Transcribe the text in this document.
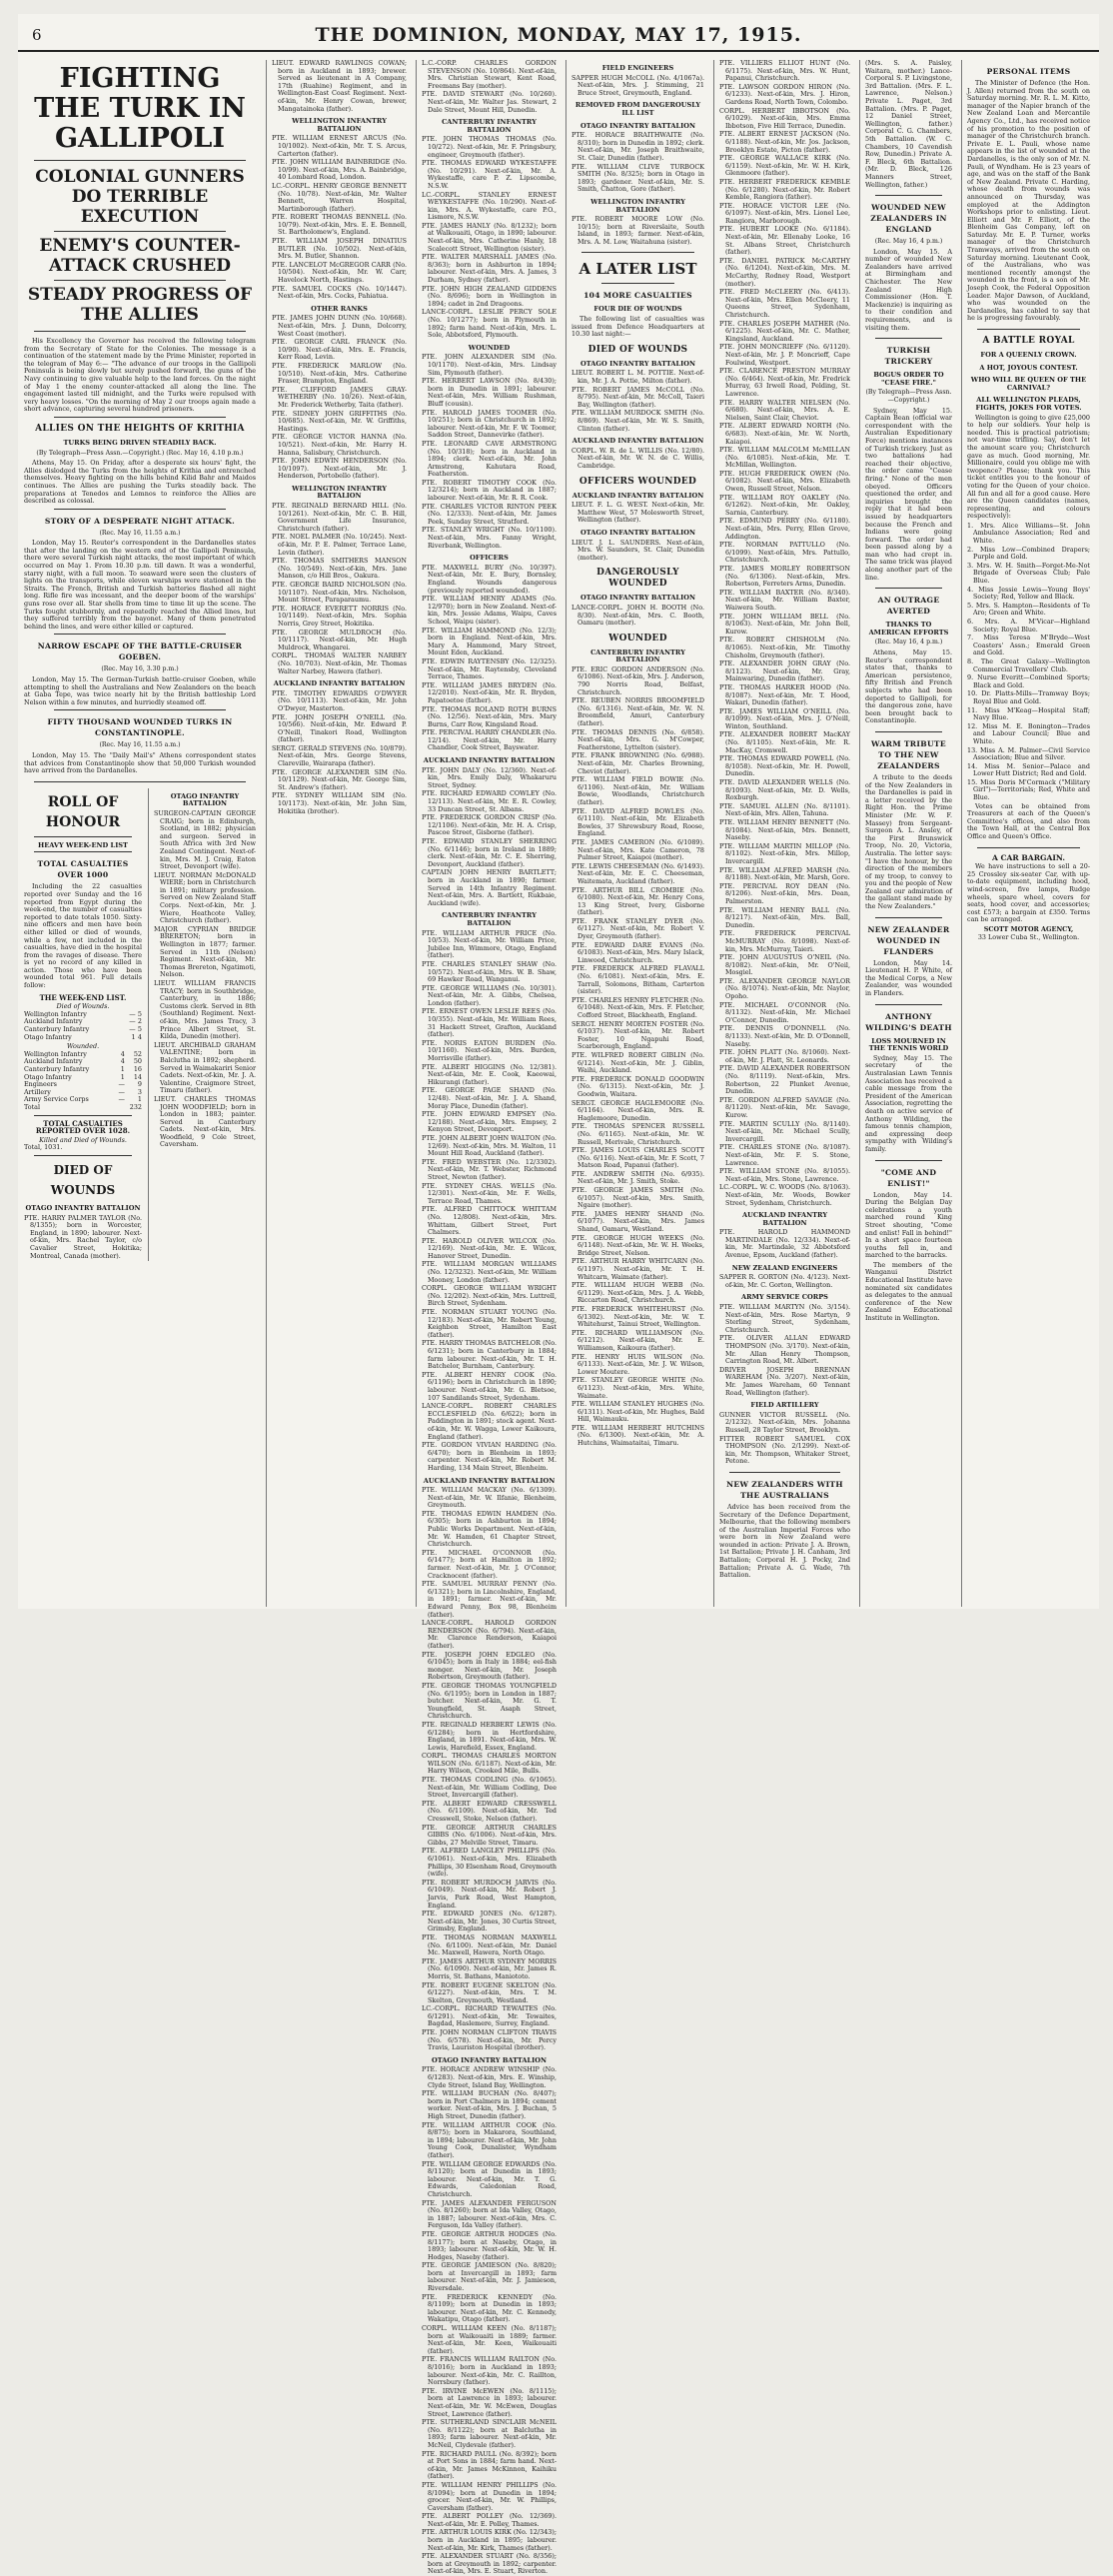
6	THE DOMINION, MONDAY, MAY 17, 1915.
FIGHTING THE TURK IN GALLIPOLI
COLONIAL GUNNERS DO TERRIBLE EXECUTION
ENEMY'S COUNTER-ATTACK CRUSHED
STEADY PROGRESS OF THE ALLIES

His Excellency the Governor has received the following telegram from the Secretary of State for the Colonies. The message is a continuation of the statement made by the Prime Minister, reported in the telegram of May 6:— "The advance of our troops in the Gallipoli Peninsula is being slowly but surely pushed forward, the guns of the Navy continuing to give valuable help to the land forces. On the night of May 1 the enemy counter-attacked all along the line. The engagement lasted till midnight, and the Turks were repulsed with very heavy losses. "On the morning of May 2 our troops again made a short advance, capturing several hundred prisoners.

ALLIES ON THE HEIGHTS OF KRITHIA
TURKS BEING DRIVEN STEADILY BACK.
(By Telegraph—Press Assn.—Copyright.) (Rec. May 16, 4.10 p.m.)

Athens, May 15. On Friday, after a desperate six hours' fight, the Allies dislodged the Turks from the heights of Krithia and entrenched themselves. Heavy fighting on the hills behind Kilid Bahr and Maidos continues. The Allies are pushing the Turks steadily back. The preparations at Tenedos and Lemnos to reinforce the Allies are described as colossal.

STORY OF A DESPERATE NIGHT ATTACK.
(Rec. May 16, 11.55 a.m.)

London, May 15. Reuter's correspondent in the Dardanelles states that after the landing on the western end of the Gallipoli Peninsula, there were several Turkish night attacks, the most important of which occurred on May 1. From 10.30 p.m. till dawn. It was a wonderful, starry night, with a full moon. To seaward were seen the clusters of lights on the transports, while eleven warships were stationed in the Straits. The French, British and Turkish batteries flashed all night long. Rifle fire was incessant, and the deeper boom of the warships' guns rose over all. Star shells from time to time lit up the scene. The Turks fought stubbornly, and repeatedly reached the Allied lines, but they suffered terribly from the bayonet. Many of them penetrated behind the lines, and were either killed or captured.

NARROW ESCAPE OF THE BATTLE-CRUISER GOEBEN.
(Rec. May 16, 3.30 p.m.)

London, May 15. The German-Turkish battle-cruiser Goeben, while attempting to shell the Australians and New Zealanders on the beach at Gaba Tepe, was twice nearly hit by the British battleship Lord Nelson within a few minutes, and hurriedly steamed off.

FIFTY THOUSAND WOUNDED TURKS IN CONSTANTINOPLE.
(Rec. May 16, 11.55 a.m.)

London, May 15. The "Daily Mail's" Athens correspondent states that advices from Constantinople show that 50,000 Turkish wounded have arrived from the Dardanelles.

ROLL OF HONOUR
HEAVY WEEK-END LIST
TOTAL CASUALTIES OVER 1000

Including the 22 casualties reported over Sunday and the 16 reported from Egypt during the week-end, the number of casualties reported to date totals 1050. Sixty-nine officers and men have been either killed or died of wounds, while a few, not included in the casualties, have died in the hospital from the ravages of disease. There is yet no record of any killed in action. Those who have been wounded total 961. Full details follow:

THE WEEK-END LIST.
Died of Wounds.
Wellington Infantry	—	5
Auckland Infantry	—	2
Canterbury Infantry	—	5
Otago Infantry	1	4
Wounded.
Wellington Infantry	4	52
Auckland Infantry	4	50
Canterbury Infantry	1	16
Otago Infantry	1	14
Engineers	—	9
Artillery	—	3
Army Service Corps	—	1
Total		232
TOTAL CASUALTIES REPORTED OVER 1028.
Killed and Died of Wounds.
Total, 1031.
DIED OF WOUNDS
OTAGO INFANTRY BATTALION

PTE. HARRY PALMER TAYLOR (No. 8/1355); born in Worcester, England, in 1890; labourer. Next-of-kin, Mrs. Rachel Taylor, c/o Cavalier Street, Hokitika; Montreal, Canada (mother).

OTAGO INFANTRY BATTALION
SURGEON-CAPTAIN GEORGE CRAIG; born in Edinburgh, Scotland, in 1882; physician and surgeon. Served in South Africa with 3rd New Zealand Contingent. Next-of-kin, Mrs. M. J. Craig, Eaton Street, Devonport (wife).
LIEUT. NORMAN McDONALD WIERE; born in Christchurch in 1891; military profession. Served on New Zealand Staff Corps. Next-of-kin, Mr. J. Wiere, Heathcote Valley, Christchurch (father).
MAJOR CYPRIAN BRIDGE BRERETON; born in Wellington in 1877; farmer. Served in 11th (Nelson) Regiment. Next-of-kin, Mr. Thomas Brereton, Ngatimoti, Nelson.
LIEUT. WILLIAM FRANCIS TRACY; born in Southbridge, Canterbury, in 1886; Customs clerk. Served in 8th (Southland) Regiment. Next-of-kin, Mrs. James Tracy, 3 Prince Albert Street, St. Kilda, Dunedin (mother).
LIEUT. ARCHIBALD GRAHAM VALENTINE; born in Balclutha in 1892; shepherd. Served in Waimakariri Senior Cadets. Next-of-kin, Mr. J. A. Valentine, Craigmore Street, Timaru (father).
LIEUT. CHARLES THOMAS JOHN WOODFIELD; born in London in 1883; painter. Served in Canterbury Cadets. Next-of-kin, Mrs. Woodfield, 9 Cole Street, Caversham.
LIEUT. EDWARD RAWLINGS COWAN; born in Auckland in 1893; brewer. Served as lieutenant in A Company, 17th (Ruahine) Regiment, and in Wellington-East Coast Regiment. Next-of-kin, Mr. Henry Cowan, brewer, Mangatainoka (father).
WELLINGTON INFANTRY BATTALION
PTE. WILLIAM ERNEST ARCUS (No. 10/1002). Next-of-kin, Mr. T. S. Arcus, Carterton (father).
PTE. JOHN WILLIAM BAINBRIDGE (No. 10/99). Next-of-kin, Mrs. A. Bainbridge, 40 Lombard Road, London.
LC.-CORPL. HENRY GEORGE BENNETT (No. 10/78). Next-of-kin, Mr. Walter Bennett, Warren Hospital, Martinborough (father).
PTE. ROBERT THOMAS BENNELL (No. 10/79). Next-of-kin, Mrs. E. E. Bennell, St. Bartholomew's, England.
PTE. WILLIAM JOSEPH DINATIUS BUTLER (No. 10/502). Next-of-kin, Mrs. M. Butler, Shannon.
PTE. LANCELOT McGREGOR CARR (No. 10/504). Next-of-kin, Mr. W. Carr, Havelock North, Hastings.
PTE. SAMUEL COCKS (No. 10/1447). Next-of-kin, Mrs. Cocks, Pahiatua.
OTHER RANKS
PTE. JAMES JOHN DUNN (No. 10/668). Next-of-kin, Mrs. J. Dunn, Dolcorry, West Coast (mother).
PTE. GEORGE CARL FRANCK (No. 10/90). Next-of-kin, Mrs. E. Francis, Kerr Road, Levin.
PTE. FREDERICK MARLOW (No. 10/510). Next-of-kin, Mrs. Catherine Fraser, Brampton, England.
PTE. CLIFFORD JAMES GRAY-WETHERBY (No. 10/26). Next-of-kin, Mr. Frederick Wetherby, Taita (father).
PTE. SIDNEY JOHN GRIFFITHS (No. 10/685). Next-of-kin, Mr. W. Griffiths, Hastings.
PTE. GEORGE VICTOR HANNA (No. 10/521). Next-of-kin, Mr. Harry H. Hanna, Salisbury, Christchurch.
PTE. JOHN EDWIN HENDERSON (No. 10/1097). Next-of-kin, Mr. J. Henderson, Portobello (father).
WELLINGTON INFANTRY BATTALION
PTE. REGINALD BERNARD HILL (No. 10/1261). Next-of-kin, Mr. C. B. Hill, Government Life Insurance, Christchurch (father).
PTE. NOEL PALMER (No. 10/245). Next-of-kin, Mr. P. E. Palmer, Terrace Lane, Levin (father).
PTE. THOMAS SMITHERS MANSON (No. 10/549). Next-of-kin, Mrs. Jane Manson, c/o Hill Bros., Oakura.
PTE. GEORGE BAIRD NICHOLSON (No. 10/1107). Next-of-kin, Mrs. Nicholson, Mount Street, Paraparaumu.
PTE. HORACE EVERETT NORRIS (No. 10/1149). Next-of-kin, Mrs. Sophia Norris, Grey Street, Hokitika.
PTE. GEORGE MULDROCH (No. 10/1117). Next-of-kin, Mr. Hugh Muldrock, Whangarei.
CORPL. THOMAS WALTER NARBEY (No. 10/703). Next-of-kin, Mr. Thomas Walter Narbey, Hawera (father).
AUCKLAND INFANTRY BATTALION
PTE. TIMOTHY EDWARDS O'DWYER (No. 10/1113). Next-of-kin, Mr. John O'Dwyer, Masterton.
PTE. JOHN JOSEPH O'NEILL (No. 10/566). Next-of-kin, Mr. Edward P. O'Neill, Tinakori Road, Wellington (father).
SERGT. GERALD STEVENS (No. 10/879). Next-of-kin, Mrs. George Stevens, Clareville, Wairarapa (father).
PTE. GEORGE ALEXANDER SIM (No. 10/1129). Next-of-kin, Mr. George Sim, St. Andrew's (father).
PTE. SYDNEY WILLIAM SIM (No. 10/1173). Next-of-kin, Mr. John Sim, Hokitika (brother).
L.C.-CORP. CHARLES GORDON STEVENSON (No. 10/864). Next-of-kin, Mrs. Christian Stewart, Kent Road, Freemans Bay (mother).
PTE. DAVID STEWART (No. 10/260). Next-of-kin, Mr. Walter Jas. Stewart, 2 Dale Street, Mount Hill, Dunedin.
CANTERBURY INFANTRY BATTALION
PTE. JOHN THOMAS THOMAS (No. 10/272). Next-of-kin, Mr. F. Pringsbury, engineer, Greymouth (father).
PTE. THOMAS EDWARD WYKESTAFFE (No. 10/291). Next-of-kin, Mr. A. Wykestaffe, care P. Z. Lipscombe, N.S.W.
LC.-CORPL. STANLEY ERNEST WEYKESTAFFE (No. 10/290). Next-of-kin, Mrs. A. Wykestaffe, care P.O., Lismore, N.S.W.
PTE. JAMES HANLY (No. 8/1232); born at Walkouaiti, Otago, in 1890; labourer. Next-of-kin, Mrs. Catherine Hanly, 18 Scalecott Street, Wellington (sister).
PTE. WALTER MARSHALL JAMES (No. 8/363); born in Ashburton in 1894; labourer. Next-of-kin, Mrs. A. James, 3 Durham, Sydney (father).
PTE. JOHN HIGH ZEALAND GIDDENS (No. 8/696); born in Wellington in 1894; cadet in 2nd Dragoons.
LANCE-CORPL. LESLIE PERCY SOLE (No. 10/1277); born in Plymouth in 1892; farm hand. Next-of-kin, Mrs. L. Sole, Abbotsford, Plymouth.
WOUNDED
PTE. JOHN ALEXANDER SIM (No. 10/1170). Next-of-kin, Mrs. Lindsay Sim, Plymouth (father).
PTE. HERBERT LAWSON (No. 8/430); born in Dunedin in 1891; labourer. Next-of-kin, Mrs. William Rushman, Bluff (cousin).
PTE. HAROLD JAMES TOOMER (No. 10/251); born in Christchurch in 1892; labourer. Next-of-kin, Mr. F. W. Toomer, Saddon Street, Dannevirke (father).
PTE. LEONARD CAVE ARMSTRONG (No. 10/318); born in Auckland in 1894; clerk. Next-of-kin, Mr. John Armstrong, Kahutara Road, Featherston.
PTE. ROBERT TIMOTHY COOK (No. 12/3214); born in Auckland in 1887; labourer. Next-of-kin, Mr. R. R. Cook.
PTE. CHARLES VICTOR RINTON PEEK (No. 12/333). Next-of-kin, Mr. James Peek, Sunday Street, Stratford.
PTE. STANLEY WRIGHT (No. 10/1100). Next-of-kin, Mrs. Fanny Wright, Riverbank, Wellington.
OFFICERS
PTE. MAXWELL BURY (No. 10/397). Next-of-kin, Mr. E. Bury, Bornsley, England. Wounds dangerous (previously reported wounded).
PTE. WILLIAM HENRY ADAMS (No. 12/970); born in New Zealand. Next-of-kin, Mrs. Jessie Adams, Waipu, Caves School, Waipu (sister).
PTE. WILLIAM HAMMOND (No. 12/3); born in England. Next-of-kin, Mrs. Mary A. Hammond, Mary Street, Mount Eden, Auckland.
PTE. EDWIN RAYTENSBY (No. 12/325). Next-of-kin, Mr. Raytensby, Cleveland Terrace, Thames.
PTE. WILLIAM JAMES BRYDEN (No. 12/2010). Next-of-kin, Mr. R. Bryden, Papatoetoe (father).
PTE. THOMAS ROLAND ROTH BURNS (No. 12/56). Next-of-kin, Mrs. Mary Burns, Carr Row, Kingsland Road.
PTE. PERCIVAL HARRY CHANDLER (No. 12/14). Next-of-kin, Mr. Harry Chandler, Cook Street, Bayswater.
AUCKLAND INFANTRY BATTALION
PTE. JOHN DALY (No. 12/360). Next-of-kin, Mrs. Emily Daly, Whakaruru Street, Sydney.
PTE. RICHARD EDWARD COWLEY (No. 12/113). Next-of-kin, Mr. E. R. Cowley, 33 Duncan Street, St. Albans.
PTE. FREDERICK GORDON CRISP (No. 12/1106). Next-of-kin, Mr. H. A. Crisp, Pascoe Street, Gisborne (father).
PTE. EDWARD STANLEY SHERRING (No. 6/1146); born in Ireland in 1889; clerk. Next-of-kin, Mr. C. E. Sherring, Devonport, Auckland (father).
CAPTAIN JOHN HENRY BARTLETT; born in Auckland in 1890; farmer. Served in 14th Infantry Regiment. Next-of-kin, Mrs. A. Bartlett, Rukbaie, Auckland (wife).
CANTERBURY INFANTRY BATTALION
PTE. WILLIAM ARTHUR PRICE (No. 10/53). Next-of-kin, Mr. William Price, Jubilee Inn, Wimmore, Otago, England (father).
PTE. CHARLES STANLEY SHAW (No. 10/572). Next-of-kin, Mrs. W. B. Shaw, 69 Hawker Road, Wanganui.
PTE. GEORGE WILLIAMS (No. 10/301). Next-of-kin, Mr. A. Gibbs, Chelsea, London (father).
PTE. ERNEST OWEN LESLIE REES (No. 10/355). Next-of-kin, Mr. William Rees, 31 Hackett Street, Grafton, Auckland (father).
PTE. NORIS EATON BURDEN (No. 10/1160). Next-of-kin, Mrs. Burden, Morrisville (father).
PTE. ALBERT HIGGINS (No. 12/381). Next-of-kin, Mr. E. Cook, Kaeowai, Hikurangi (father).
PTE. GEORGE PAGE SHAND (No. 12/48). Next-of-kin, Mr. J. A. Shand, Moray Place, Dunedin (father).
PTE. JOHN EDWARD EMPSEY (No. 12/188). Next-of-kin, Mrs. Empsey, 2 Kenyon Street, Devonport.
PTE. JOHN ALBERT JOHN WALTON (No. 12/69). Next-of-kin, Mrs. M. Walton, 11 Mount Hill Road, Auckland (father).
PTE. FRED WEBSTER (No. 12/3302). Next-of-kin, Mr. T. Webster, Richmond Street, Newton (father).
PTE. SYDNEY CHAS. WELLS (No. 12/301). Next-of-kin, Mr. F. Wells, Terrace Road, Thames.
PTE. ALFRED CHITTOCK WHITTAM (No. 12/808). Next-of-kin, Mrs. Whittam, Gilbert Street, Port Chalmers.
PTE. HAROLD OLIVER WILCOX (No. 12/169). Next-of-kin, Mr. E. Wilcox, Hanover Street, Dunedin.
PTE. WILLIAM MORGAN WILLIAMS (No. 12/3232). Next-of-kin, Mr. William Mooney, London (father).
CORPL. GEORGE WILLIAM WRIGHT (No. 12/202). Next-of-kin, Mrs. Luttrell, Birch Street, Sydenham.
PTE. NORMAN STUART YOUNG (No. 12/183). Next-of-kin, Mr. Robert Young, Keighbon Street, Hamilton East (father).
PTE. HARRY THOMAS BATCHELOR (No. 6/1231); born in Canterbury in 1884; farm labourer. Next-of-kin, Mr. T. H. Batchelor, Burnham, Canterbury.
PTE. ALBERT HENRY COOK (No. 6/1196); born in Christchurch in 1890; labourer. Next-of-kin, Mr. G. Bletsoe, 107 Sandilands Street, Sydenham.
LANCE-CORPL. ROBERT CHARLES ECCLESFIELD (No. 6/622); born in Paddington in 1891; stock agent. Next-of-kin, Mr. W. Wagga, Lower Kaikoura, England (father).
PTE. GORDON VIVIAN HARDING (No. 6/470); born in Blenheim in 1893; carpenter. Next-of-kin, Mr. Robert M. Harding, 134 Main Street, Blenheim.
AUCKLAND INFANTRY BATTALION
PTE. WILLIAM MACKAY (No. 6/1309). Next-of-kin, Mr. W. Ilfanie, Blenheim, Greymouth.
PTE. THOMAS EDWIN HAMDEN (No. 6/305); born in Ashburton in 1894; Public Works Department. Next-of-kin, Mr. W. Hamden, 61 Chapter Street, Christchurch.
PTE. MICHAEL O'CONNOR (No. 6/1477); born at Hamilton in 1892; farmer. Next-of-kin, Mr. J. O'Connor, Cracknocent (father).
PTE. SAMUEL MURRAY PENNY (No. 6/1321); born in Lincolnshire, England, in 1891; farmer. Next-of-kin, Mr. Edward Penny, Box 98, Blenheim (father).
LANCE-CORPL. HAROLD GORDON RENDERSON (No. 6/794). Next-of-kin, Mr. Clarence Renderson, Kaiapoi (father).
PTE. JOSEPH JOHN EDGLEO (No. 6/1045); born in Italy in 1884; eel-fish monger. Next-of-kin, Mr. Joseph Robertson, Greymouth (father).
PTE. GEORGE THOMAS YOUNGFIELD (No. 6/1195); born in London in 1887; butcher. Next-of-kin, Mr. G. T. Youngfield, St. Asaph Street, Christchurch.
PTE. REGINALD HERBERT LEWIS (No. 6/1284); born in Hertfordshire, England, in 1891. Next-of-kin, Mrs. W. Lewis, Harefield, Essex, England.
CORPL. THOMAS CHARLES MORTON WILSON (No. 6/1187). Next-of-kin, Mr. Harry Wilson, Crooked Mile, Bulls.
PTE. THOMAS CODLING (No. 6/1065). Next-of-kin, Mr. William Codling, Dee Street, Invercargill (father).
PTE. ALBERT EDWARD CRESSWELL (No. 6/1109). Next-of-kin, Mr. Ted Cresswell, Stoke, Nelson (father).
PTE. GEORGE ARTHUR CHARLES GIBBS (No. 6/1006). Next-of-kin, Mrs. Gibbs, 27 Melville Street, Timaru.
PTE. ALFRED LANGLEY PHILLIPS (No. 6/1061). Next-of-kin, Mrs. Elizabeth Phillips, 30 Elsenham Road, Greymouth (wife).
PTE. ROBERT MURDOCH JARVIS (No. 6/1049). Next-of-kin, Mr. Robert J. Jarvis, Park Road, West Hampton, England.
PTE. EDWARD JONES (No. 6/1287). Next-of-kin, Mr. Jones, 30 Curtis Street, Grimsby, England.
PTE. THOMAS NORMAN MAXWELL (No. 6/1100). Next-of-kin, Mr. Daniel Mc. Maxwell, Hawera, North Otago.
PTE. JAMES ARTHUR SYDNEY MORRIS (No. 6/1090). Next-of-kin, Mr. James R. Morris, St. Bathans, Maniototo.
PTE. ROBERT EUGENE SKELTON (No. 6/1227). Next-of-kin, Mrs. T. M. Skelton, Greymouth, Westland.
LC.-CORPL. RICHARD TEWAITES (No. 6/1291). Next-of-kin, Mr. Tewaites, Bagdad, Haslemere, Surrey, England.
PTE. JOHN NORMAN CLIFTON TRAVIS (No. 6/578). Next-of-kin, Mr. Percy Travis, Lauriston Hospital (brother).
OTAGO INFANTRY BATTALION
PTE. HORACE ANDREW WINSHIP (No. 6/1283). Next-of-kin, Mrs. E. Winship, Clyde Street, Island Bay, Wellington.
PTE. WILLIAM BUCHAN (No. 8/407); born in Port Chalmers in 1894; cement worker. Next-of-kin, Mrs. J. Buchan, 5 High Street, Dunedin (father).
PTE. WILLIAM ARTHUR COOK (No. 8/875); born in Makarora, Southland, in 1894; labourer. Next-of-kin, Mr. John Young Cook, Dunalister, Wyndham (father).
PTE. WILLIAM GEORGE EDWARDS (No. 8/1120); born at Dunedin in 1893; labourer. Next-of-kin, Mr. T. G. Edwards, Caledonian Road, Christchurch.
PTE. JAMES ALEXANDER FERGUSON (No. 8/1260); born at Ida Valley, Otago, in 1887; labourer. Next-of-kin, Mrs. C. Ferguson, Ida Valley (father).
PTE. GEORGE ARTHUR HODGES (No. 8/1177); born at Naseby, Otago, in 1893; labourer. Next-of-kin, Mr. W. H. Hodges, Naseby (father).
PTE. GEORGE JAMIESON (No. 8/820); born at Invercargill in 1893; farm labourer. Next-of-kin, Mr. J. Jamieson, Riversdale.
PTE. FREDERICK KENNEDY (No. 8/1109); born at Dunedin in 1893; labourer. Next-of-kin, Mr. C. Kennedy, Wakatipu, Otago (father).
CORPL. WILLIAM KEEN (No. 8/1187); born at Waikouaiti in 1889; farmer. Next-of-kin, Mr. Keen, Waikouaiti (father).
PTE. FRANCIS WILLIAM RAILTON (No. 8/1016); born in Auckland in 1893; labourer. Next-of-kin, Mr. C. Raillton, Norrsbury (father).
PTE. IRVINE McEWEN (No. 8/1115); born at Lawrence in 1893; labourer. Next-of-kin, Mr. W. McEwen, Douglas Street, Lawrence (father).
PTE. SUTHERLAND SINCLAIR McNEIL (No. 8/1122); born at Balclutha in 1893; farm labourer. Next-of-kin, Mr. McNeil, Clydevale (father).
PTE. RICHARD PAULL (No. 8/392); born at Port Sons in 1884; farm hand. Next-of-kin, Mr. James McKinnon, Kaihiku (father).
PTE. WILLIAM HENRY PHILLIPS (No. 8/1094); born at Dunedin in 1894; grocer. Next-of-kin, Mr. W. Phillips, Caversham (father).
PTE. ALBERT POLLEY (No. 12/369). Next-of-kin, Mr. E. Polley, Thames.
PTE. ARTHUR LOUIS KIRK (No. 12/343); born in Auckland in 1895; labourer. Next-of-kin, Mr. Kirk, Thames (father).
PTE. ALEXANDER STUART (No. 8/356); born at Greymouth in 1892; carpenter. Next-of-kin, Mrs. E. Stuart, Riverton.
FIELD ENGINEERS

SAPPER HUGH McCOLL (No. 4/1067a). Next-of-kin, Mrs. J. Stimming, 21 Bruce Street, Greymouth, England.

REMOVED FROM DANGEROUSLY ILL LIST
OTAGO INFANTRY BATTALION
PTE. HORACE BRAITHWAITE (No. 8/310); born in Dunedin in 1892; clerk. Next-of-kin, Mr. Joseph Braithwaite, St. Clair, Dunedin (father).
PTE. WILLIAM CLIVE TURBOCK SMITH (No. 8/325); born in Otago in 1893; gardener. Next-of-kin, Mr. S. Smith, Chatton, Gore (father).
WELLINGTON INFANTRY BATTALION
PTE. ROBERT MOORE LOW (No. 10/15); born at Riverslaite, South Island, in 1893; farmer. Next-of-kin, Mrs. A. M. Low, Waitahuna (sister).
A LATER LIST
104 MORE CASUALTIES
FOUR DIE OF WOUNDS

The following list of casualties was issued from Defence Headquarters at 10.30 last night:—

DIED OF WOUNDS
OTAGO INFANTRY BATTALION
LIEUT. ROBERT L. M. POTTIE. Next-of-kin, Mr. J. A. Pottie, Milton (father).
PTE. ROBERT JAMES McCOLL (No. 8/795). Next-of-kin, Mr. McColl, Taieri Bay, Wellington (father).
PTE. WILLIAM MURDOCK SMITH (No. 8/869). Next-of-kin, Mr. W. S. Smith, Clinton (father).
AUCKLAND INFANTRY BATTALION
CORPL. W. R. de L. WILLIS (No. 12/80). Next-of-kin, Mr. W. N. de C. Willis, Cambridge.
OFFICERS WOUNDED
AUCKLAND INFANTRY BATTALION
LIEUT. F. L. G. WEST. Next-of-kin, Mr. Matthew West, 57 Molesworth Street, Wellington (father).
OTAGO INFANTRY BATTALION
LIEUT. J. L. SAUNDERS. Next-of-kin, Mrs. W. Saunders, St. Clair, Dunedin (mother).
DANGEROUSLY WOUNDED
OTAGO INFANTRY BATTALION
LANCE-CORPL. JOHN H. BOOTH (No. 8/30). Next-of-kin, Mrs. C. Booth, Oamaru (mother).
WOUNDED
CANTERBURY INFANTRY BATTALION
PTE. ERIC GORDON ANDERSON (No. 6/1086). Next-of-kin, Mrs. J. Anderson, 790 Norris Road, Belfast, Christchurch.
PTE. REUBEN NORRIS BROOMFIELD (No. 6/1316). Next-of-kin, Mr. W. N. Broomfield, Amuri, Canterbury (father).
PTE. THOMAS DENNIS (No. 6/858). Next-of-kin, Mrs. G. M'Cowper, Featherstone, Lyttelton (sister).
PTE. FRANK BROWNING (No. 6/988). Next-of-kin, Mr. Charles Browning, Cheviot (father).
PTE. WILLIAM FIELD BOWIE (No. 6/1106). Next-of-kin, Mr. William Bowie, Woodlands, Christchurch (father).
PTE. DAVID ALFRED BOWLES (No. 6/1110). Next-of-kin, Mr. Elizabeth Bowles, 37 Shrewsbury Road, Roose, England.
PTE. JAMES CAMERON (No. 6/1089). Next-of-kin, Mrs. Kate Cameron, 78 Pulmer Street, Kaiapoi (mother).
PTE. LEWIS CHEESEMAN (No. 6/1493). Next-of-kin, Mr. E. C. Cheeseman, Waitemata, Auckland (father).
PTE. ARTHUR BILL CROMBIE (No. 6/1080). Next-of-kin, Mr. Henry Cons, 13 King Street, Ivery, Gisborne (father).
PTE. FRANK STANLEY DYER (No. 6/1127). Next-of-kin, Mr. Robert V. Dyer, Greymouth (father).
PTE. EDWARD DARE EVANS (No. 6/1083). Next-of-kin, Mrs. Mary Islack, Linwood, Christchurch.
PTE. FREDERICK ALFRED FLAVALL (No. 6/1081). Next-of-kin, Mrs. E. Tarrall, Solomons, Bitham, Carterton (sister).
PTE. CHARLES HENRY FLETCHER (No. 6/1048). Next-of-kin, Mrs. F. Fletcher, Cofford Street, Blackheath, England.
SERGT. HENRY MORTEN FOSTER (No. 6/1037). Next-of-kin, Mr. Robert Foster, 10 Ngapuhi Road, Scarborough, England.
PTE. WILFRED ROBERT GIBLIN (No. 6/1214). Next-of-kin, Mr. J. Giblin, Waihi, Auckland.
PTE. FREDERICK DONALD GOODWIN (No. 6/1315). Next-of-kin, Mr. J. Goodwin, Waitara.
SERGT. GEORGE HAGLEMOORE (No. 6/1164). Next-of-kin, Mrs. R. Haglemoore, Dunedin.
PTE. THOMAS SPENCER RUSSELL (No. 6/1165). Next-of-kin, Mr. W. Russell, Merivale, Christchurch.
PTE. JAMES LOUIS CHARLES SCOTT (No. 6/116). Next-of-kin, Mr. F. Scott, 7 Matson Road, Papanui (father).
PTE. ANDREW SMITH (No. 6/935). Next-of-kin, Mr. J. Smith, Stoke.
PTE. GEORGE JAMES SMITH (No. 6/1057). Next-of-kin, Mrs. Smith, Ngaire (mother).
PTE. JAMES HENRY SHAND (No. 6/1077). Next-of-kin, Mrs. James Shand, Oamaru, Westland.
PTE. GEORGE HUGH WEEKS (No. 6/1148). Next-of-kin, Mr. W. H. Weeks, Bridge Street, Nelson.
PTE. ARTHUR HARRY WHITCARN (No. 6/1197). Next-of-kin, Mr. T. H. Whitcarn, Waimate (father).
PTE. WILLIAM HUGH WEBB (No. 6/1129). Next-of-kin, Mrs. J. A. Webb, Riccarton Road, Christchurch.
PTE. FREDERICK WHITEHURST (No. 6/1302). Next-of-kin, Mr. W. T. Whitehurst, Tainui Street, Wellington.
PTE. RICHARD WILLIAMSON (No. 6/1212). Next-of-kin, Mr. E. Williamson, Kaikoura (father).
PTE. HENRY HUIS WILSON (No. 6/1133). Next-of-kin, Mr. J. W. Wilson, Lower Moutere.
PTE. STANLEY GEORGE WHITE (No. 6/1123). Next-of-kin, Mrs. White, Waimate.
PTE. WILLIAM STANLEY HUGHES (No. 6/1311). Next-of-kin, Mr. Hughes, Bald Hill, Waimauku.
PTE. WILLIAM HERBERT HUTCHINS (No. 6/1300). Next-of-kin, Mr. A. Hutchins, Waimataitai, Timaru.
PTE. VILLIERS ELLIOT HUNT (No. 6/1175). Next-of-kin, Mrs. W. Hunt, Papanui, Christchurch.
PTE. LAWSON GORDON HIRON (No. 6/1233). Next-of-kin, Mrs. J. Hiron, Gardens Road, North Town, Colombo.
CORPL. HERBERT IBBOTSON (No. 6/1029). Next-of-kin, Mrs. Emma Ibbotson, Five Hill Terrace, Dunedin.
PTE. ALBERT ERNEST JACKSON (No. 6/1188). Next-of-kin, Mr. Jos. Jackson, Brooklyn Estate, Picton (father).
PTE. GEORGE WALLACE KIRK (No. 6/1159). Next-of-kin, Mr. W. H. Kirk, Glenmoore (father).
PTE. HERBERT FREDERICK KEMBLE (No. 6/1280). Next-of-kin, Mr. Robert Kemble, Rangiora (father).
PTE. HORACE VICTOR LEE (No. 6/1097). Next-of-kin, Mrs. Lionel Lee, Rangiora, Marborough.
PTE. HUBERT LOOKE (No. 6/1184). Next-of-kin, Mr. Ellenaby Looke, 16 St. Albans Street, Christchurch (father).
PTE. DANIEL PATRICK McCARTHY (No. 6/1204). Next-of-kin, Mrs. M. McCarthy, Rodney Road, Westport (mother).
PTE. FRED McCLEERY (No. 6/413). Next-of-kin, Mrs. Ellen McCleery, 11 Queens Street, Sydenham, Christchurch.
PTE. CHARLES JOSEPH MATHER (No. 6/1225). Next-of-kin, Mr. C. Mather, Kingsland, Auckland.
PTE. JOHN MONCRIEFF (No. 6/1120). Next-of-kin, Mr. J. P. Moncrieff, Cape Foulwind, Westport.
PTE. CLARENCE PRESTON MURRAY (No. 6/464). Next-of-kin, Mr. Fredrick Murray, 63 Irwell Road, Pelding, St. Lawrence.
PTE. HARRY WALTER NIELSEN (No. 6/680). Next-of-kin, Mrs. A. E. Nielsen, Saint Clair, Cheviot.
PTE. ALBERT EDWARD NORTH (No. 6/683). Next-of-kin, Mr. W. North, Kaiapoi.
PTE. WILLIAM MALCOLM McMILLAN (No. 6/1085). Next-of-kin, Mr. T. McMillan, Wellington.
PTE. HUGH FREDERICK OWEN (No. 6/1082). Next-of-kin, Mrs. Elizabeth Owen, Russell Street, Nelson.
PTE. WILLIAM ROY OAKLEY (No. 6/1262). Next-of-kin, Mr. Oakley, Sarnia, Canterbury.
PTE. EDMUND PERRY (No. 6/1180). Next-of-kin, Mrs. Perry, Ellen Grove, Addington.
PTE. NORMAN PATTULLO (No. 6/1099). Next-of-kin, Mrs. Pattullo, Christchurch.
PTE. JAMES MORLEY ROBERTSON (No. 6/1306). Next-of-kin, Mrs. Robertson, Ferreters Arms, Dunedin.
PTE. WILLIAM BAXTER (No. 8/340). Next-of-kin, Mr. William Baxter, Waiwera South.
PTE. JOHN WILLIAM BELL (No. 8/1063). Next-of-kin, Mr. John Bell, Kurow.
PTE. ROBERT CHISHOLM (No. 8/1065). Next-of-kin, Mr. Timothy Chisholm, Greymouth (father).
PTE. ALEXANDER JOHN GRAY (No. 8/1123). Next-of-kin, Mr. Gray, Mainwaring, Dunedin (father).
PTE. THOMAS HARKER HOOD (No. 8/1087). Next-of-kin, Mr. T. Hood, Wakari, Dunedin (father).
PTE. JAMES WILLIAM O'NEILL (No. 8/1099). Next-of-kin, Mrs. J. O'Neill, Winton, Southland.
PTE. ALEXANDER ROBERT MacKAY (No. 8/1105). Next-of-kin, Mr. R. MacKay, Cromwell.
PTE. THOMAS EDWARD POWELL (No. 8/1058). Next-of-kin, Mr. H. Powell, Dunedin.
PTE. DAVID ALEXANDER WELLS (No. 8/1093). Next-of-kin, Mr. D. Wells, Roxburgh.
PTE. SAMUEL ALLEN (No. 8/1101). Next-of-kin, Mrs. Allen, Tahuna.
PTE. WILLIAM HENRY BENNETT (No. 8/1084). Next-of-kin, Mrs. Bennett, Naseby.
PTE. WILLIAM MARTIN MILLOP (No. 8/1102). Next-of-kin, Mrs. Millop, Invercargill.
PTE. WILLIAM ALFRED MARSH (No. 8/1188). Next-of-kin, Mr. Marsh, Gore.
PTE. PERCIVAL ROY DEAN (No. 8/1206). Next-of-kin, Mrs. Dean, Palmerston.
PTE. WILLIAM HENRY BALL (No. 8/1217). Next-of-kin, Mrs. Ball, Dunedin.
PTE. FREDERICK PERCIVAL McMURRAY (No. 8/1098). Next-of-kin, Mrs. McMurray, Taieri.
PTE. JOHN AUGUSTUS O'NEIL (No. 8/1082). Next-of-kin, Mr. O'Neil, Mosgiel.
PTE. ALEXANDER GEORGE NAYLOR (No. 8/1074). Next-of-kin, Mr. Naylor, Opoho.
PTE. MICHAEL O'CONNOR (No. 8/1132). Next-of-kin, Mr. Michael O'Connor, Dunedin.
PTE. DENNIS O'DONNELL (No. 8/1133). Next-of-kin, Mr. D. O'Donnell, Naseby.
PTE. JOHN PLATT (No. 8/1060). Next-of-kin, Mr. J. Platt, St. Leonards.
PTE. DAVID ALEXANDER ROBERTSON (No. 8/1119). Next-of-kin, Mrs. Robertson, 22 Plunket Avenue, Dunedin.
PTE. GORDON ALFRED SAVAGE (No. 8/1120). Next-of-kin, Mr. Savage, Kurow.
PTE. MARTIN SCULLY (No. 8/1140). Next-of-kin, Mr. Michael Scully, Invercargill.
PTE. CHARLES STONE (No. 8/1087). Next-of-kin, Mr. F. S. Stone, Lawrence.
PTE. WILLIAM STONE (No. 8/1055). Next-of-kin, Mrs. Stone, Lawrence.
LC.-CORPL. W. C. WOODS (No. 8/1063). Next-of-kin, Mr. Woods, Bowker Street, Sydenham, Christchurch.
AUCKLAND INFANTRY BATTALION
PTE. HAROLD HAMMOND MARTINDALE (No. 12/334). Next-of-kin, Mr. Martindale, 32 Abbotsford Avenue, Epsom, Auckland (father).
NEW ZEALAND ENGINEERS
SAPPER R. GORTON (No. 4/123). Next-of-kin, Mr. C. Gorton, Wellington.
ARMY SERVICE CORPS
PTE. WILLIAM MARTYN (No. 3/154). Next-of-kin, Mrs. Rose Martyn, 9 Sterling Street, Sydenham, Christchurch.
PTE. OLIVER ALLAN EDWARD THOMPSON (No. 3/170). Next-of-kin, Mr. Allan Henry Thompson, Carrington Road, Mt. Albert.
DRIVER JOSEPH BRENNAN WAREHAM (No. 3/207). Next-of-kin, Mr. James Wareham, 60 Tennant Road, Wellington (father).
FIELD ARTILLERY
GUNNER VICTOR RUSSELL (No. 2/1232). Next-of-kin, Mrs. Johanna Russell, 28 Taylor Street, Brooklyn.
FITTER ROBERT SAMUEL COX THOMPSON (No. 2/1299). Next-of-kin, Mr. Thompson, Whitaker Street, Petone.
NEW ZEALANDERS WITH THE AUSTRALIANS

Advice has been received from the Secretary of the Defence Department, Melbourne, that the following members of the Australian Imperial Forces who were born in New Zealand were wounded in action: Private J. A. Brown, 1st Battalion; Private J. H. Canham, 3rd Battalion; Corporal H. J. Pocky, 2nd Battalion; Private A. G. Wade, 7th Battalion.

(Mrs. S. A. Paisley, Waitara, mother.) Lance-Corporal S. P. Livingstone, 3rd Battalion. (Mrs. F. L. Lawrence, Nelson.) Private L. Paget, 3rd Battalion. (Mrs. P. Paget, 12 Daniel Street, Wellington, father.) Corporal C. G. Chambers, 5th Battalion. (W. C. Chambers, 10 Cavendish Row, Dunedin.) Private A. F. Bleck, 6th Battalion. (Mr. D. Bleck, 126 Manners Street, Wellington, father.)

WOUNDED NEW ZEALANDERS IN ENGLAND
(Rec. May 16, 4 p.m.)

London, May 15. A number of wounded New Zealanders have arrived at Birmingham and Chichester. The New Zealand High Commissioner (Hon. T. Mackenzie) is inquiring as to their condition and requirements, and is visiting them.

TURKISH TRICKERY
BOGUS ORDER TO "CEASE FIRE."
(By Telegraph—Press Assn.—Copyright.)

Sydney, May 15. Captain Bean (official war correspondent with the Australian Expeditionary Force) mentions instances of Turkish trickery. Just as two battalions had reached their objective, the order came "Cease firing." None of the men obeyed. Officers questioned the order, and inquiries brought the reply that it had been issued by headquarters because the French and Indians were going forward. The order had been passed along by a man who had crept in. The same trick was played along another part of the line.

AN OUTRAGE AVERTED
THANKS TO AMERICAN EFFORTS
(Rec. May 16, 4 p.m.)

Athens, May 15. Reuter's correspondent states that, thanks to American persistence, fifty British and French subjects who had been deported to Gallipoli, for the dangerous zone, have been brought back to Constantinople.

WARM TRIBUTE TO THE NEW ZEALANDERS

A tribute to the deeds of the New Zealanders in the Dardanelles is paid in a letter received by the Right Hon. the Prime Minister (Mr. W. F. Massey) from Sergeant-Surgeon A. L. Ansley, of the First Brunswick Troop, No. 20, Victoria, Australia. The letter says: "I have the honour, by the direction of the members of my troop, to convey to you and the people of New Zealand our admiration of the gallant stand made by the New Zealanders."

NEW ZEALANDER WOUNDED IN FLANDERS

London, May 14. Lieutenant H. P. White, of the Medical Corps, a New Zealander, was wounded in Flanders.

ANTHONY WILDING'S DEATH
LOSS MOURNED IN THE TENNIS WORLD

Sydney, May 15. The secretary of the Australasian Lawn Tennis Association has received a cable message from the President of the American Association, regretting the death on active service of Anthony Wilding, the famous tennis champion, and expressing deep sympathy with Wilding's family.

"COME AND ENLIST!"

London, May 14. During the Belgian Day celebrations a youth marched round King Street shouting, "Come and enlist! Fall in behind!" In a short space fourteen youths fell in, and marched to the barracks.

The members of the Wanganui District Educational Institute have nominated six candidates as delegates to the annual conference of the New Zealand Educational Institute in Wellington.

PERSONAL ITEMS

The Minister of Defence (the Hon. J. Allen) returned from the south on Saturday morning. Mr. R. L. M. Kitto, manager of the Napier branch of the New Zealand Loan and Mercantile Agency Co., Ltd., has received notice of his promotion to the position of manager of the Christchurch branch. Private E. L. Pauli, whose name appears in the list of wounded at the Dardanelles, is the only son of Mr. N. Pauli, of Wyndham. He is 23 years of age, and was on the staff of the Bank of New Zealand. Private C. Harding, whose death from wounds was announced on Thursday, was employed at the Addington Workshops prior to enlisting. Lieut. Elliott and Mr. F. Elliott, of the Blenheim Gas Company, left on Saturday. Mr. E. P. Turner, works manager of the Christchurch Tramways, arrived from the south on Saturday morning. Lieutenant Cook, of the Australians, who was mentioned recently amongst the wounded in the front, is a son of Mr. Joseph Cook, the Federal Opposition Leader. Major Dawson, of Auckland, who was wounded on the Dardanelles, has cabled to say that he is progressing favourably.

A BATTLE ROYAL
FOR A QUEENLY CROWN.
A HOT, JOYOUS CONTEST.
WHO WILL BE QUEEN OF THE CARNIVAL?
ALL WELLINGTON PLEADS, FIGHTS, JOKES FOR VOTES.

Wellington is going to give £25,000 to help our soldiers. Your help is needed. This is practical patriotism; not war-time trifling. Say, don't let the amount scare you; Christchurch gave as much. Good morning, Mr. Millionaire, could you oblige me with twopence? Please; thank you. This ticket entitles you to the honour of voting for the Queen of your choice. All fun and all for a good cause. Here are the Queen candidates (names, representing, and colours respectively):

1. Mrs. Alice Williams—St. John Ambulance Association; Red and White.
2. Miss Low—Combined Drapers; Purple and Gold.
3. Mrs. W. H. Smith—Forget-Me-Not Brigade of Overseas Club; Pale Blue.
4. Miss Jessie Lewis—Young Boys' Society; Red, Yellow and Black.
5. Mrs. S. Hampton—Residents of Te Aro; Green and White.
6. Mrs. A. M'Vicar—Highland Society; Royal Blue.
7. Miss Teresa M'Bryde—West Coasters' Assn.; Emerald Green and Gold.
8. The Great Galaxy—Wellington Commercial Travellers' Club.
9. Nurse Everitt—Combined Sports; Black and Gold.
10. Dr. Platts-Mills—Tramway Boys; Royal Blue and Gold.
11. Miss M'Keag—Hospital Staff; Navy Blue.
12. Miss M. E. Bonington—Trades and Labour Council; Blue and White.
13. Miss A. M. Palmer—Civil Service Association; Blue and Silver.
14. Miss M. Senior—Palace and Lower Hutt District; Red and Gold.
15. Miss Doris M'Cormack ("Military Girl")—Territorials; Red, White and Blue.

Votes can be obtained from Treasurers at each of the Queen's Committee's offices, and also from the Town Hall, at the Central Box Office and Queen's Office.

A CAR BARGAIN.

We have instructions to sell a 20-25 Crossley six-seater Car, with up-to-date equipment, including hood, wind-screen, five lamps, Rudge wheels, spare wheel, covers for seats, hood cover, and accessories; cost £573; a bargain at £350. Terms can be arranged.

SCOTT MOTOR AGENCY,
33 Lower Cuba St., Wellington.
